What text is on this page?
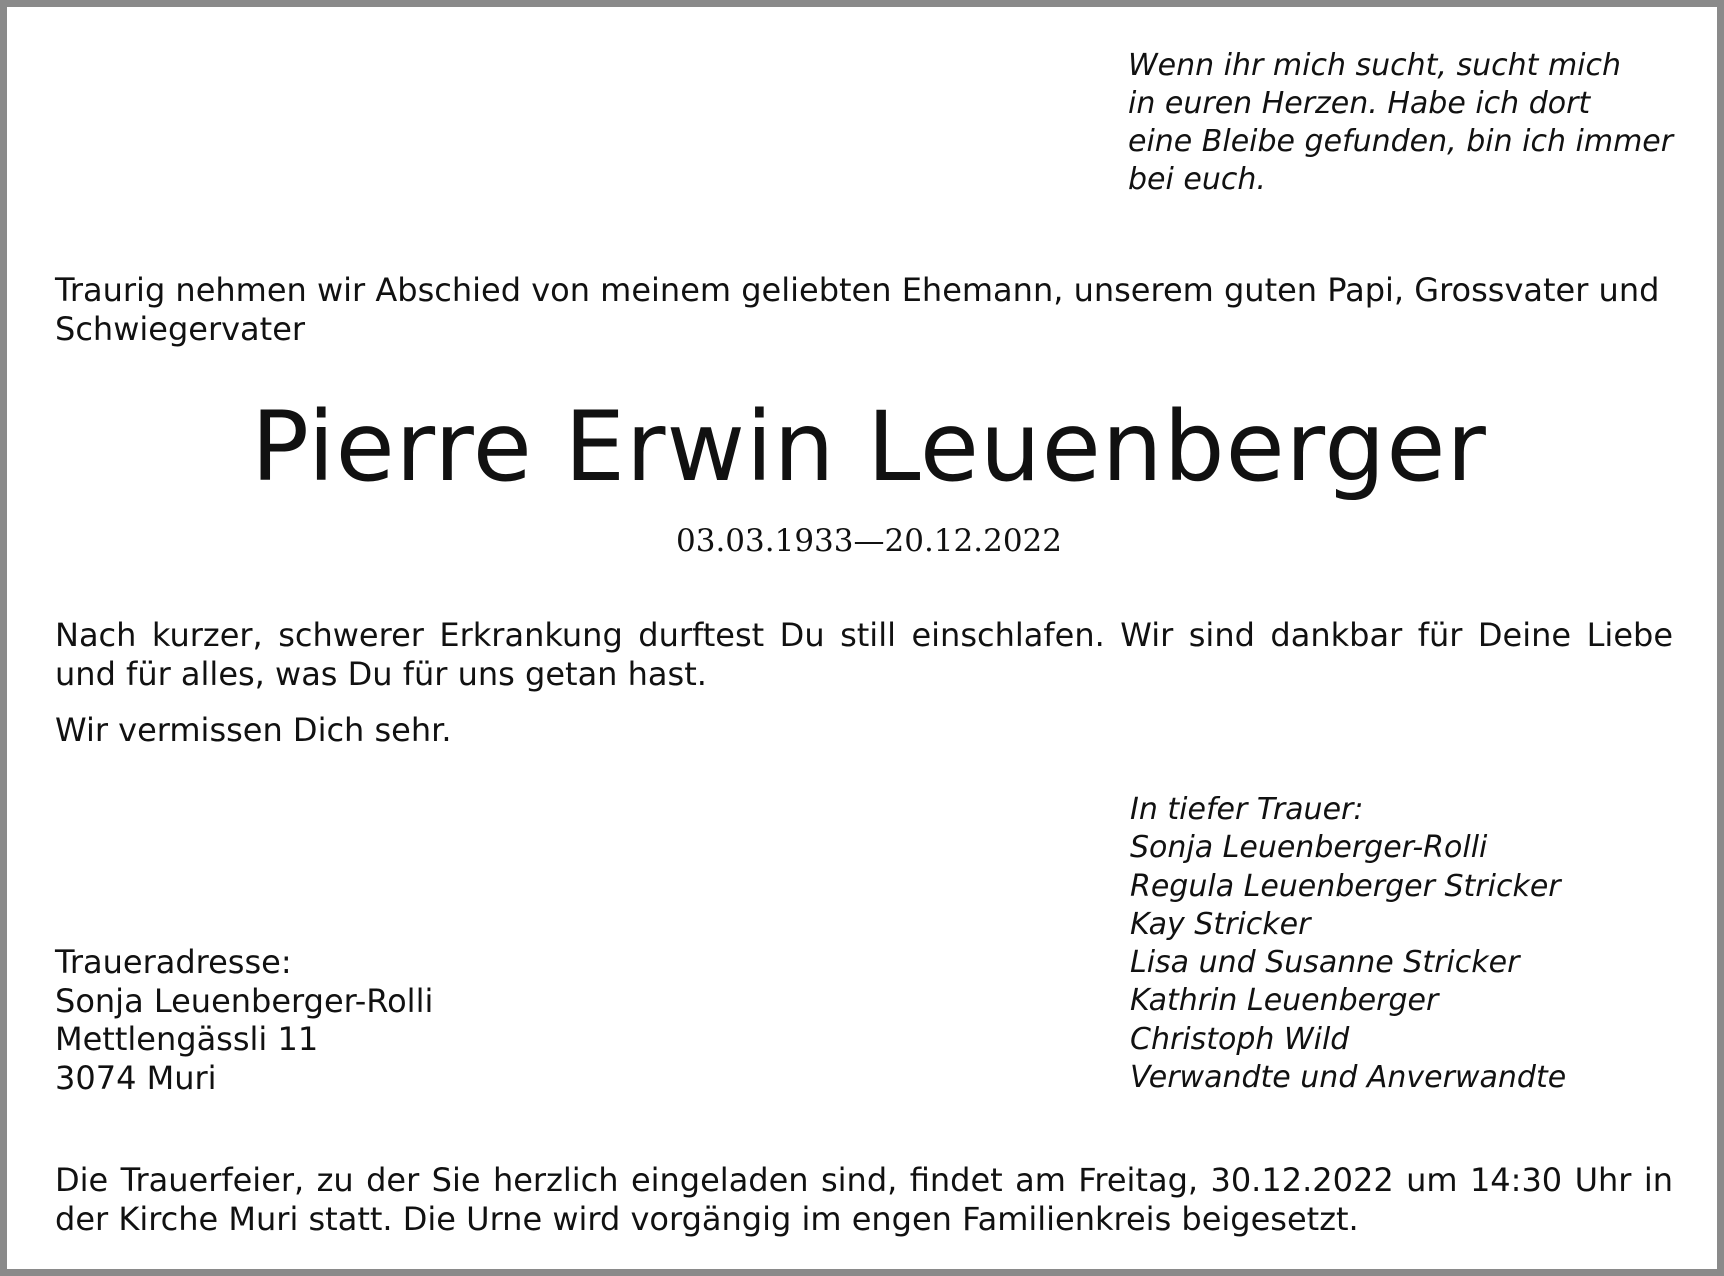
Wenn ihr mich sucht, sucht mich
in euren Herzen. Habe ich dort
eine Bleibe gefunden, bin ich immer
bei euch.
Traurig nehmen wir Abschied von meinem geliebten Ehemann, unserem guten Papi, Grossvater und
Schwiegervater
Pierre Erwin Leuenberger
03.03.1933—20.12.2022
Nach kurzer, schwerer Erkrankung durftest Du still einschlafen. Wir sind dankbar für Deine Liebe
und für alles, was Du für uns getan hast.
Wir vermissen Dich sehr.
In tiefer Trauer:
Sonja Leuenberger-Rolli
Regula Leuenberger Stricker
Kay Stricker
Lisa und Susanne Stricker
Kathrin Leuenberger
Christoph Wild
Verwandte und Anverwandte
Traueradresse:
Sonja Leuenberger-Rolli
Mettlengässli 11
3074 Muri
Die Trauerfeier, zu der Sie herzlich eingeladen sind, findet am Freitag, 30.12.2022 um 14:30 Uhr in
der Kirche Muri statt. Die Urne wird vorgängig im engen Familienkreis beigesetzt.
